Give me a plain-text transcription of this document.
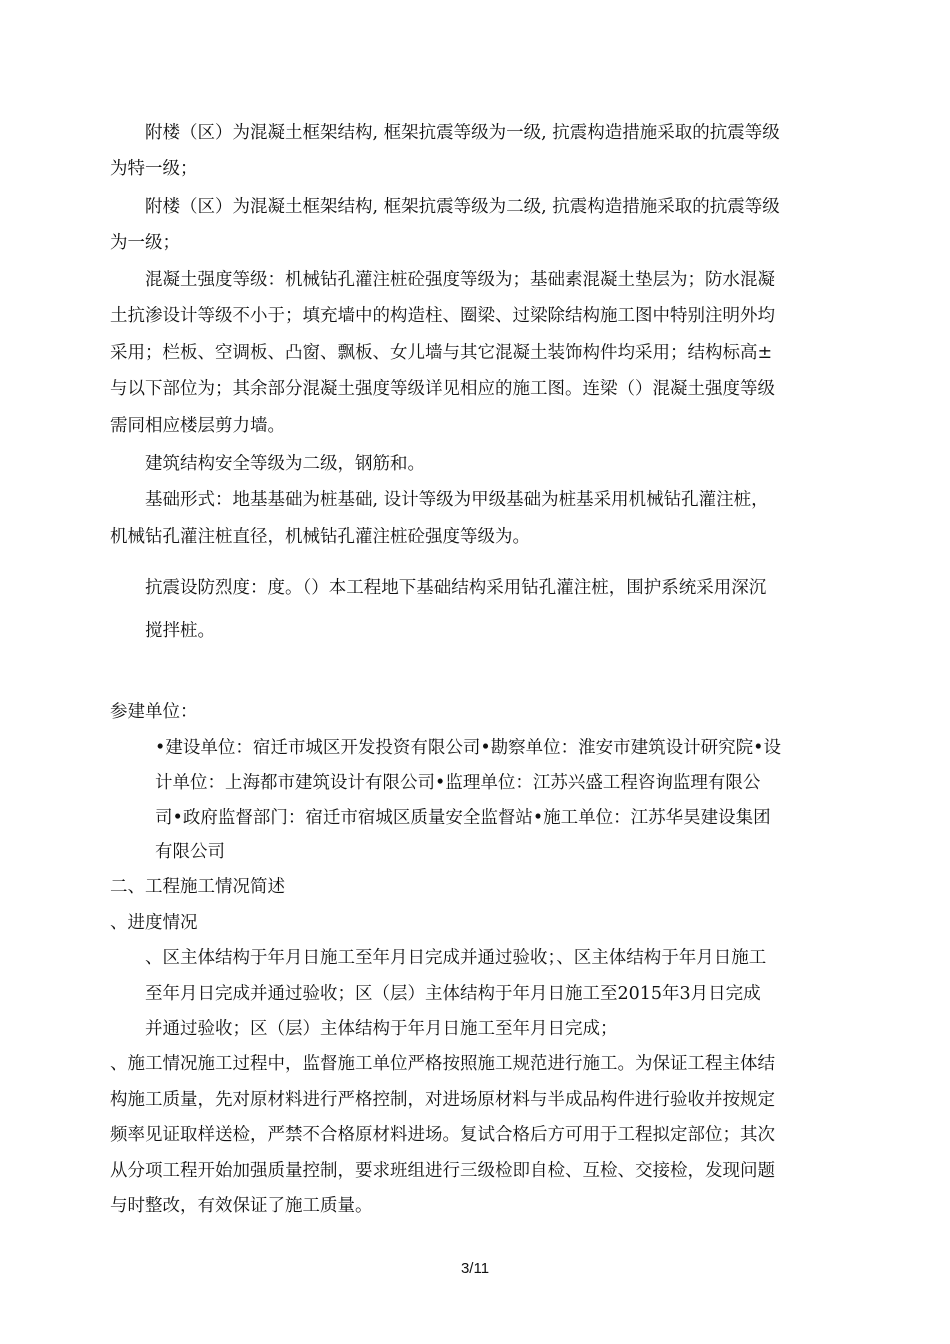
附楼（区）为混凝土框架结构, 框架抗震等级为一级, 抗震构造措施采取的抗震等级
为特一级；
附楼（区）为混凝土框架结构, 框架抗震等级为二级, 抗震构造措施采取的抗震等级
为一级；
混凝土强度等级：机械钻孔灌注桩砼强度等级为；基础素混凝土垫层为；防水混凝
土抗渗设计等级不小于；填充墙中的构造柱、圈梁、过梁除结构施工图中特别注明外均
采用；栏板、空调板、凸窗、飘板、女儿墙与其它混凝土装饰构件均采用；结构标高±
与以下部位为；其余部分混凝土强度等级详见相应的施工图。连梁（）混凝土强度等级
需同相应楼层剪力墙。
建筑结构安全等级为二级，钢筋和。
基础形式：地基基础为桩基础, 设计等级为甲级基础为桩基采用机械钻孔灌注桩，
机械钻孔灌注桩直径，机械钻孔灌注桩砼强度等级为。
抗震设防烈度：度。（）本工程地下基础结构采用钻孔灌注桩，围护系统采用深沉
搅拌桩。
参建单位：
•建设单位：宿迁市城区开发投资有限公司•勘察单位：淮安市建筑设计研究院•设
计单位：上海都市建筑设计有限公司•监理单位：江苏兴盛工程咨询监理有限公
司•政府监督部门：宿迁市宿城区质量安全监督站•施工单位：江苏华昊建设集团
有限公司
二、工程施工情况简述
、进度情况
、区主体结构于年月日施工至年月日完成并通过验收；、区主体结构于年月日施工
至年月日完成并通过验收；区（层）主体结构于年月日施工至2015年3月日完成
并通过验收；区（层）主体结构于年月日施工至年月日完成；
、施工情况施工过程中，监督施工单位严格按照施工规范进行施工。为保证工程主体结
构施工质量，先对原材料进行严格控制，对进场原材料与半成品构件进行验收并按规定
频率见证取样送检，严禁不合格原材料进场。复试合格后方可用于工程拟定部位；其次
从分项工程开始加强质量控制，要求班组进行三级检即自检、互检、交接检，发现问题
与时整改，有效保证了施工质量。
3/11
